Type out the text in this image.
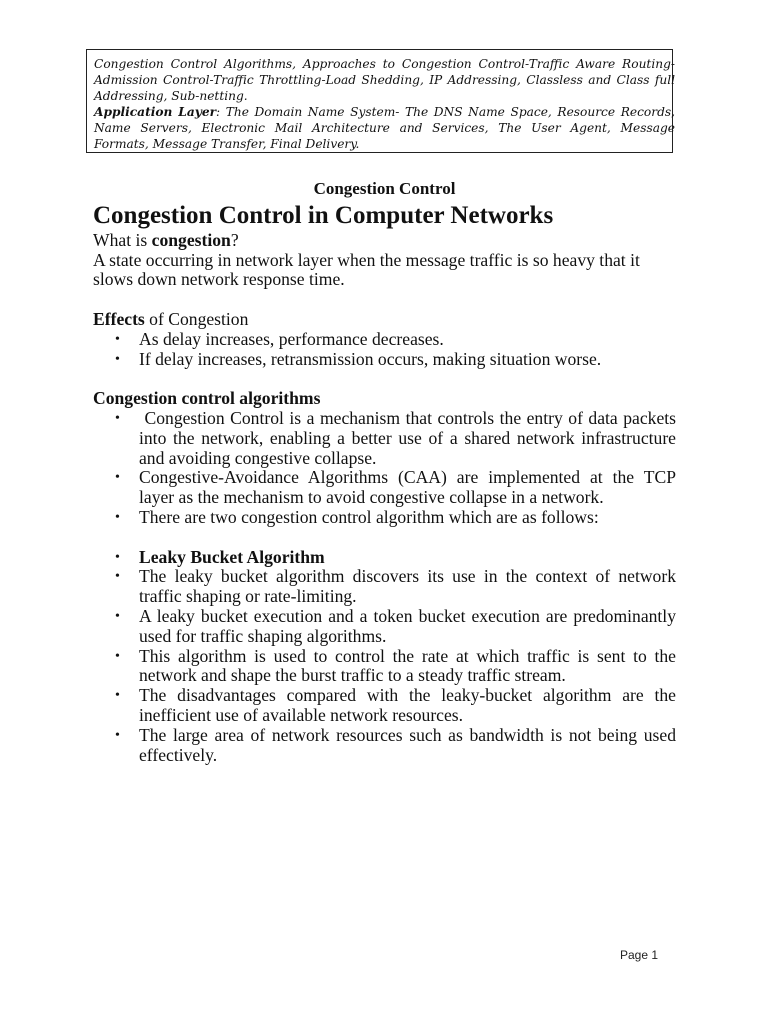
Congestion Control Algorithms, Approaches to Congestion Control-Traffic Aware Routing-Admission Control-Traffic Throttling-Load Shedding, IP Addressing, Classless and Class full Addressing, Sub-netting.

Application Layer: The Domain Name System- The DNS Name Space, Resource Records, Name Servers, Electronic Mail Architecture and Services, The User Agent, Message Formats, Message Transfer, Final Delivery.

Congestion Control
Congestion Control in Computer Networks

What is congestion?

A state occurring in network layer when the message traffic is so heavy that it slows down network response time.

Effects of Congestion

• As delay increases, performance decreases.
• If delay increases, retransmission occurs, making situation worse.

Congestion control algorithms

• Congestion Control is a mechanism that controls the entry of data packets into the network, enabling a better use of a shared network infrastructure and avoiding congestive collapse.
• Congestive-Avoidance Algorithms (CAA) are implemented at the TCP layer as the mechanism to avoid congestive collapse in a network.
• There are two congestion control algorithm which are as follows:
• Leaky Bucket Algorithm
• The leaky bucket algorithm discovers its use in the context of network traffic shaping or rate-limiting.
• A leaky bucket execution and a token bucket execution are predominantly used for traffic shaping algorithms.
• This algorithm is used to control the rate at which traffic is sent to the network and shape the burst traffic to a steady traffic stream.
• The disadvantages compared with the leaky-bucket algorithm are the inefficient use of available network resources.
• The large area of network resources such as bandwidth is not being used effectively.
Page 1
